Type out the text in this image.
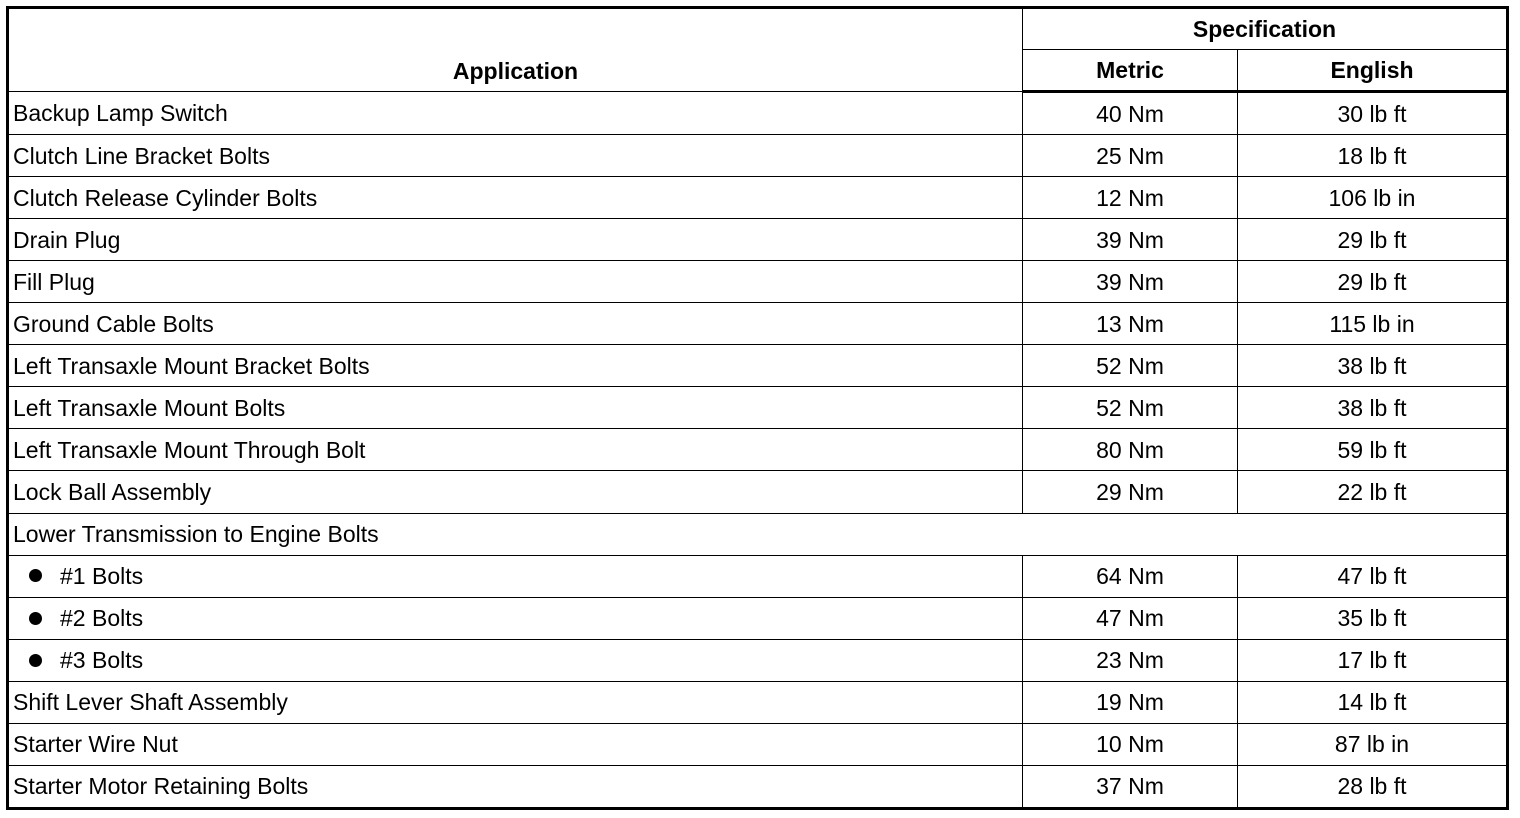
Application	Specification	
	Metric	English
Backup Lamp Switch	40 Nm	30 lb ft
Clutch Line Bracket Bolts	25 Nm	18 lb ft
Clutch Release Cylinder Bolts	12 Nm	106 lb in
Drain Plug	39 Nm	29 lb ft
Fill Plug	39 Nm	29 lb ft
Ground Cable Bolts	13 Nm	115 lb in
Left Transaxle Mount Bracket Bolts	52 Nm	38 lb ft
Left Transaxle Mount Bolts	52 Nm	38 lb ft
Left Transaxle Mount Through Bolt	80 Nm	59 lb ft
Lock Ball Assembly	29 Nm	22 lb ft
Lower Transmission to Engine Bolts		
#1 Bolts	64 Nm	47 lb ft
#2 Bolts	47 Nm	35 lb ft
#3 Bolts	23 Nm	17 lb ft
Shift Lever Shaft Assembly	19 Nm	14 lb ft
Starter Wire Nut	10 Nm	87 lb in
Starter Motor Retaining Bolts	37 Nm	28 lb ft
